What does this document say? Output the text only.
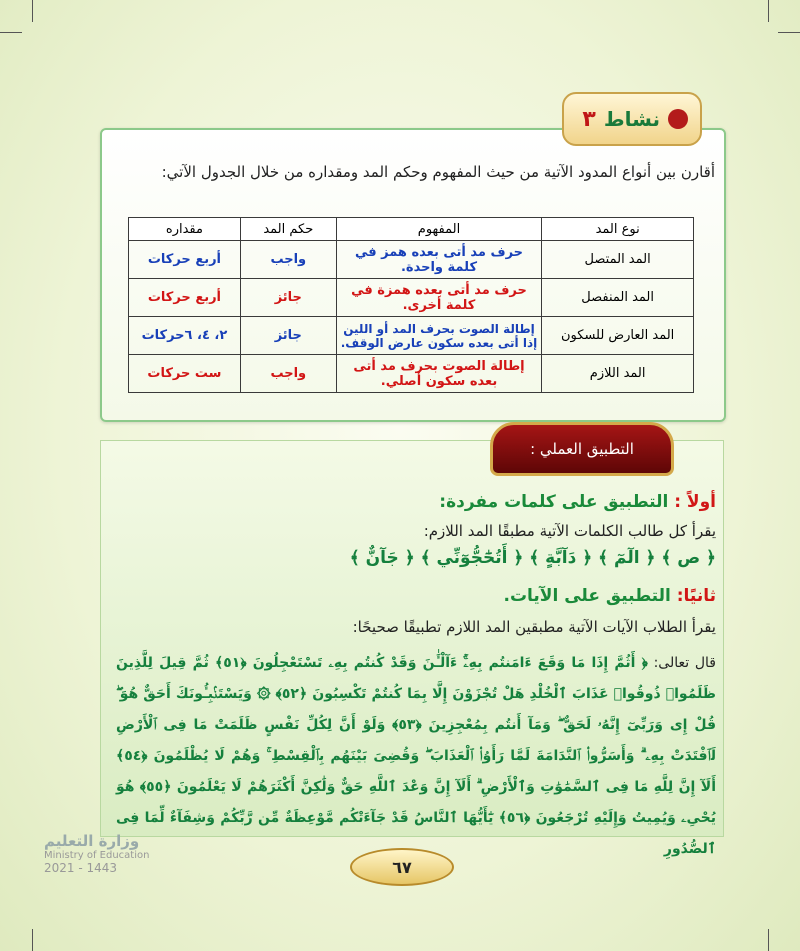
نشاط
٣
أقارن بين أنواع المدود الآتية من حيث المفهوم وحكم المد ومقداره من خلال الجدول الآتي:
نوع المد	المفهوم	حكم المد	مقداره
المد المتصل	حرف مد أتى بعده همز في كلمة واحدة.	واجب	أربع حركات
المد المنفصل	حرف مد أتى بعده همزة في كلمة أخرى.	جائز	أربع حركات
المد العارض للسكون	إطالة الصوت بحرف المد أو اللين إذا أتى بعده سكون عارض الوقف.	جائز	٢، ٤، ٦حركات
المد اللازم	إطالة الصوت بحرف مد أتى بعده سكون أصلي.	واجب	ست حركات
التطبيق العملي :
أولاً : التطبيق على كلمات مفردة:
يقرأ كل طالب الكلمات الآتية مطبقًا المد اللازم:
﴿ ص ﴾ ﴿ الٓمٓ ﴾ ﴿ دَآبَّةٍ ﴾ ﴿ أَتُحَٰٓجُّوٓنِّي ﴾ ﴿ جَآنٌّ ﴾
ثانيًا: التطبيق على الآيات.
يقرأ الطلاب الآيات الآتية مطبقين المد اللازم تطبيقًا صحيحًا:
قال تعالى: ﴿ أَثُمَّ إِذَا مَا وَقَعَ ءَامَنتُم بِهِۦٓۚ ءَآلْـَٰٔنَ وَقَدْ كُنتُم بِهِۦ تَسْتَعْجِلُونَ ﴿٥١﴾ ثُمَّ قِيلَ لِلَّذِينَ ظَلَمُوا۟ ذُوقُوا۟ عَذَابَ ٱلْخُلْدِ هَلْ تُجْزَوْنَ إِلَّا بِمَا كُنتُمْ تَكْسِبُونَ ﴿٥٢﴾ ۞ وَيَسْتَنۢبِـُٔونَكَ أَحَقٌّ هُوَ ۖ قُلْ إِى وَرَبِّىٓ إِنَّهُۥ لَحَقٌّ ۖ وَمَآ أَنتُم بِمُعْجِزِينَ ﴿٥٣﴾ وَلَوْ أَنَّ لِكُلِّ نَفْسٍ ظَلَمَتْ مَا فِى ٱلْأَرْضِ لَٱفْتَدَتْ بِهِۦ ۗ وَأَسَرُّوا۟ ٱلنَّدَامَةَ لَمَّا رَأَوُا۟ ٱلْعَذَابَ ۖ وَقُضِىَ بَيْنَهُم بِٱلْقِسْطِ ۚ وَهُمْ لَا يُظْلَمُونَ ﴿٥٤﴾ أَلَآ إِنَّ لِلَّهِ مَا فِى ٱلسَّمَٰوَٰتِ وَٱلْأَرْضِ ۗ أَلَآ إِنَّ وَعْدَ ٱللَّهِ حَقٌّ وَلَٰكِنَّ أَكْثَرَهُمْ لَا يَعْلَمُونَ ﴿٥٥﴾ هُوَ يُحْىِۦ وَيُمِيتُ وَإِلَيْهِ تُرْجَعُونَ ﴿٥٦﴾ يَٰٓأَيُّهَا ٱلنَّاسُ قَدْ جَآءَتْكُم مَّوْعِظَةٌ مِّن رَّبِّكُمْ وَشِفَآءٌ لِّمَا فِى ٱلصُّدُورِ
٦٧
وزارة التعليم
Ministry of Education
2021 - 1443
